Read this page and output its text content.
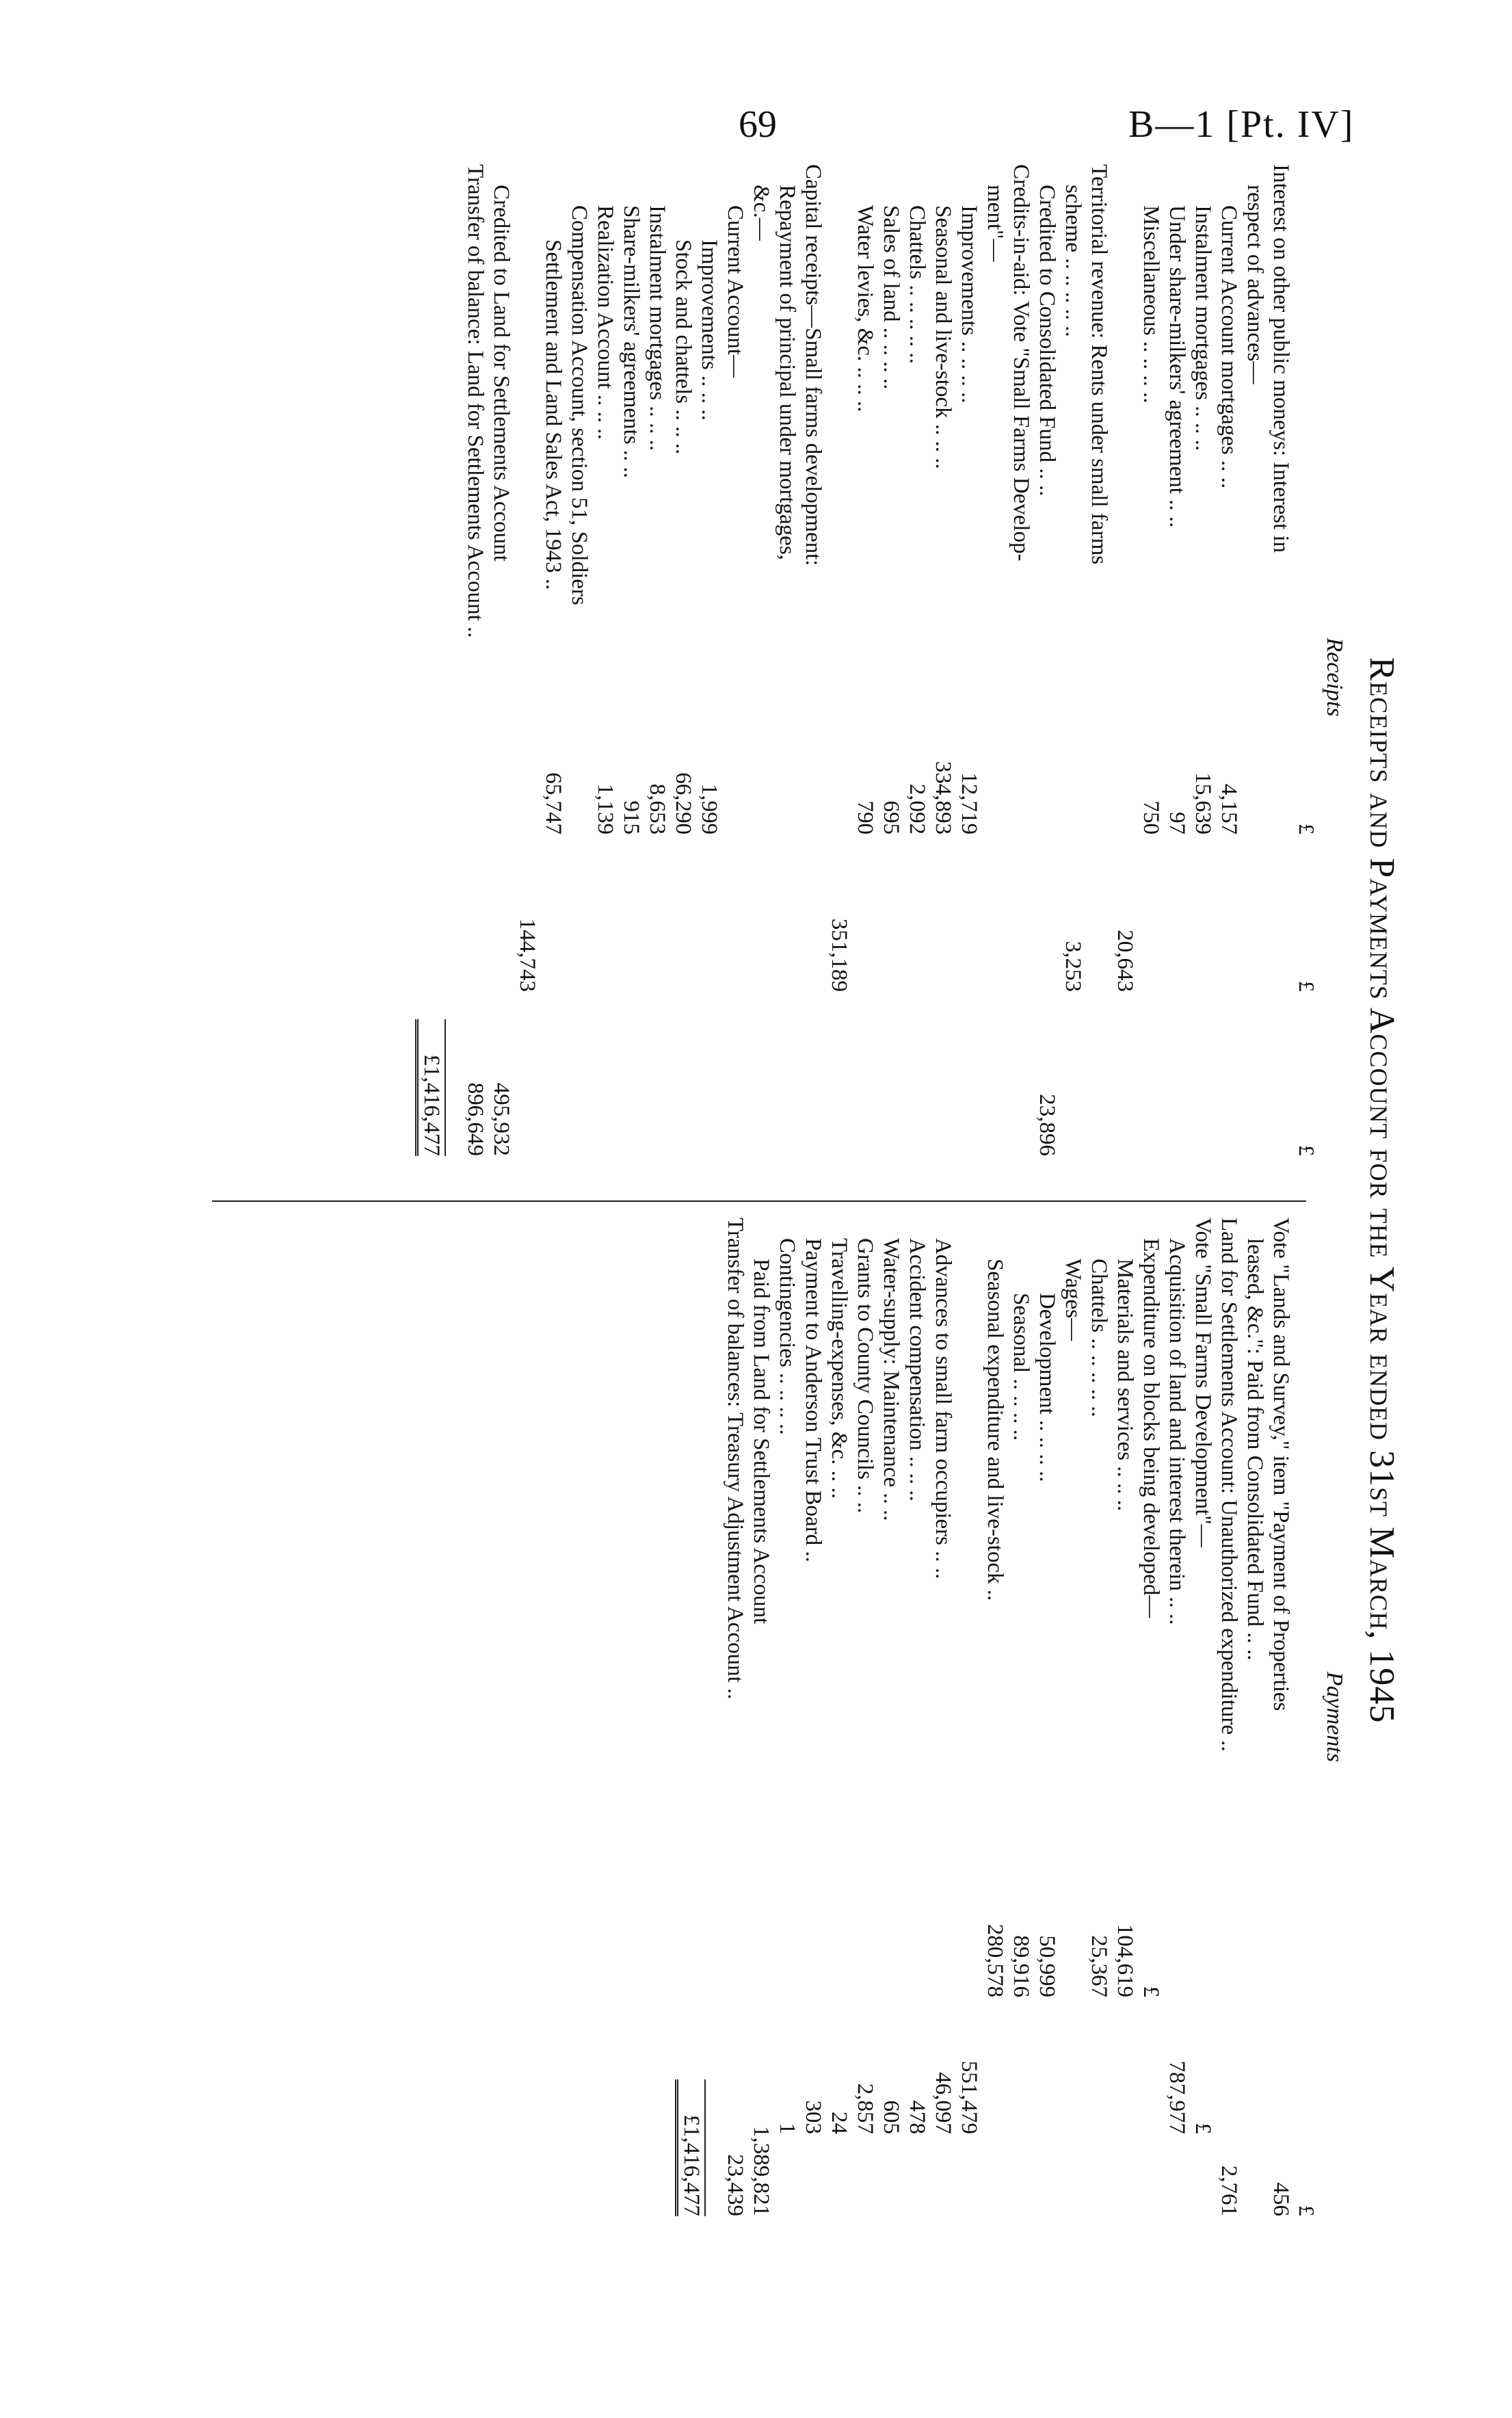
69	B—1 [Pt. IV]
Receipts and Payments Account for the Year ended 31st March, 1945
Receipts
£
£
£
Interest on other public moneys: Interest in
respect of advances—
Current Account mortgages .. ..
4,157
Instalment mortgages .. .. ..
15,639
Under share-milkers' agreement .. ..
97
Miscellaneous .. .. .. ..
750
20,643
Territorial revenue: Rents under small farms
scheme .. .. .. .. ..
3,253
Credited to Consolidated Fund .. ..
23,896
Credits-in-aid: Vote "Small Farms Develop-
ment"—
Improvements .. .. .. ..
12,719
Seasonal and live-stock .. .. ..
334,893
Chattels .. .. .. .. ..
2,092
Sales of land .. .. .. ..
695
Water levies, &c. .. .. ..
790
351,189
Capital receipts—Small farms development:
Repayment of principal under mortgages,
&c.—
Current Account—
Improvements .. .. ..
1,999
Stock and chattels .. .. ..
66,290
Instalment mortgages .. .. ..
8,653
Share-milkers' agreements .. ..
915
Realization Account .. .. ..
1,139
Compensation Account, section 51, Soldiers
Settlement and Land Sales Act, 1943 ..
65,747
144,743
Credited to Land for Settlements Account
495,932
Transfer of balance: Land for Settlements Account ..
896,649
£1,416,477
Payments
£
Vote "Lands and Survey," item "Payment of Properties
456
leased, &c.": Paid from Consolidated Fund .. ..
Land for Settlements Account: Unauthorized expenditure ..
2,761
Vote "Small Farms Development"—
£
Acquisition of land and interest therein .. ..
787,977
Expenditure on blocks being developed—
£
Materials and services .. .. ..
104,619
Chattels .. .. .. .. ..
25,367
Wages—
Development .. .. .. ..
50,999
Seasonal .. .. .. ..
89,916
Seasonal expenditure and live-stock ..
280,578
551,479
Advances to small farm occupiers .. ..
46,097
Accident compensation .. .. ..
478
Water-supply: Maintenance .. ..
605
Grants to County Councils .. ..
2,857
Travelling-expenses, &c. .. ..
24
Payment to Anderson Trust Board ..
303
Contingencies .. .. .. ..
1
Paid from Land for Settlements Account
1,389,821
Transfer of balances: Treasury Adjustment Account ..
23,439
£1,416,477
